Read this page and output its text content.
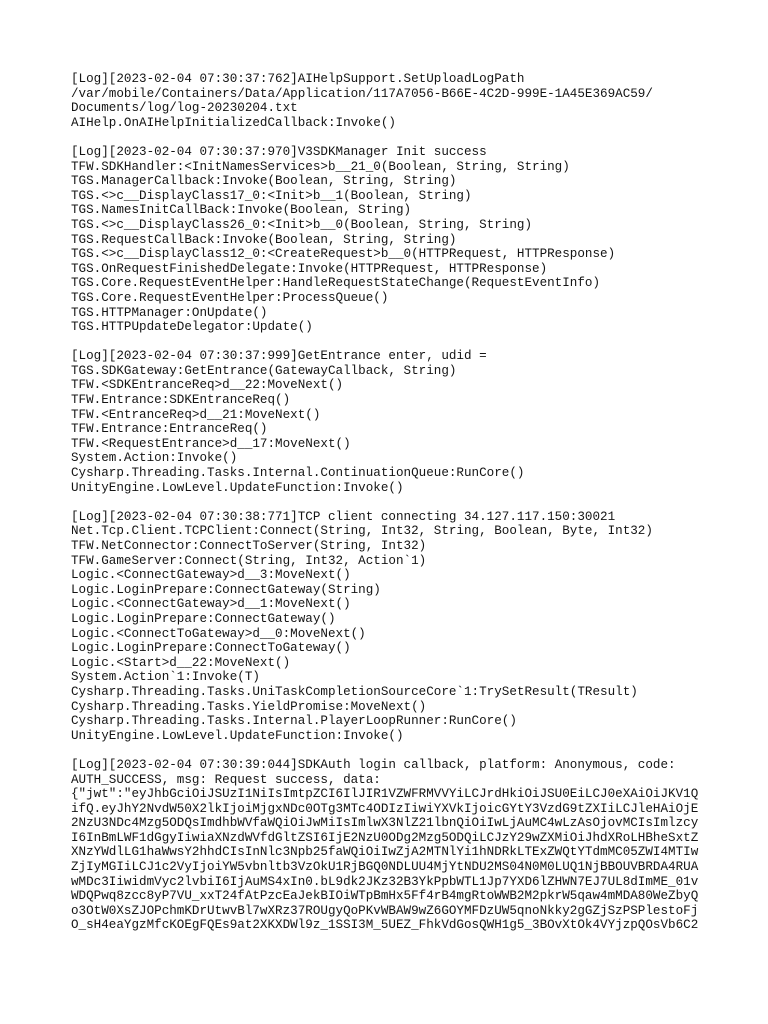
[Log][2023-02-04 07:30:37:762]AIHelpSupport.SetUploadLogPath
/var/mobile/Containers/Data/Application/117A7056-B66E-4C2D-999E-1A45E369AC59/
Documents/log/log-20230204.txt
AIHelp.OnAIHelpInitializedCallback:Invoke()
[Log][2023-02-04 07:30:37:970]V3SDKManager Init success
TFW.SDKHandler:<InitNamesServices>b__21_0(Boolean, String, String)
TGS.ManagerCallback:Invoke(Boolean, String, String)
TGS.<>c__DisplayClass17_0:<Init>b__1(Boolean, String)
TGS.NamesInitCallBack:Invoke(Boolean, String)
TGS.<>c__DisplayClass26_0:<Init>b__0(Boolean, String, String)
TGS.RequestCallBack:Invoke(Boolean, String, String)
TGS.<>c__DisplayClass12_0:<CreateRequest>b__0(HTTPRequest, HTTPResponse)
TGS.OnRequestFinishedDelegate:Invoke(HTTPRequest, HTTPResponse)
TGS.Core.RequestEventHelper:HandleRequestStateChange(RequestEventInfo)
TGS.Core.RequestEventHelper:ProcessQueue()
TGS.HTTPManager:OnUpdate()
TGS.HTTPUpdateDelegator:Update()
[Log][2023-02-04 07:30:37:999]GetEntrance enter, udid =
TGS.SDKGateway:GetEntrance(GatewayCallback, String)
TFW.<SDKEntranceReq>d__22:MoveNext()
TFW.Entrance:SDKEntranceReq()
TFW.<EntranceReq>d__21:MoveNext()
TFW.Entrance:EntranceReq()
TFW.<RequestEntrance>d__17:MoveNext()
System.Action:Invoke()
Cysharp.Threading.Tasks.Internal.ContinuationQueue:RunCore()
UnityEngine.LowLevel.UpdateFunction:Invoke()
[Log][2023-02-04 07:30:38:771]TCP client connecting 34.127.117.150:30021
Net.Tcp.Client.TCPClient:Connect(String, Int32, String, Boolean, Byte, Int32)
TFW.NetConnector:ConnectToServer(String, Int32)
TFW.GameServer:Connect(String, Int32, Action`1)
Logic.<ConnectGateway>d__3:MoveNext()
Logic.LoginPrepare:ConnectGateway(String)
Logic.<ConnectGateway>d__1:MoveNext()
Logic.LoginPrepare:ConnectGateway()
Logic.<ConnectToGateway>d__0:MoveNext()
Logic.LoginPrepare:ConnectToGateway()
Logic.<Start>d__22:MoveNext()
System.Action`1:Invoke(T)
Cysharp.Threading.Tasks.UniTaskCompletionSourceCore`1:TrySetResult(TResult)
Cysharp.Threading.Tasks.YieldPromise:MoveNext()
Cysharp.Threading.Tasks.Internal.PlayerLoopRunner:RunCore()
UnityEngine.LowLevel.UpdateFunction:Invoke()
[Log][2023-02-04 07:30:39:044]SDKAuth login callback, platform: Anonymous, code:
AUTH_SUCCESS, msg: Request success, data:
{"jwt":"eyJhbGciOiJSUzI1NiIsImtpZCI6IlJIR1VZWFRMVVYiLCJrdHkiOiJSU0EiLCJ0eXAiOiJKV1Q
ifQ.eyJhY2NvdW50X2lkIjoiMjgxNDc0OTg3MTc4ODIzIiwiYXVkIjoicGYtY3VzdG9tZXIiLCJleHAiOjE
2NzU3NDc4Mzg5ODQsImdhbWVfaWQiOiJwMiIsImlwX3NlZ21lbnQiOiIwLjAuMC4wLzAsOjovMCIsImlzcy
I6InBmLWF1dGgyIiwiaXNzdWVfdGltZSI6IjE2NzU0ODg2Mzg5ODQiLCJzY29wZXMiOiJhdXRoLHBheSxtZ
XNzYWdlLG1haWwsY2hhdCIsInNlc3Npb25faWQiOiIwZjA2MTNlYi1hNDRkLTExZWQtYTdmMC05ZWI4MTIw
ZjIyMGIiLCJ1c2VyIjoiYW5vbnltb3VzOkU1RjBGQ0NDLUU4MjYtNDU2MS04N0M0LUQ1NjBBOUVBRDA4RUA
wMDc3IiwidmVyc2lvbiI6IjAuMS4xIn0.bL9dk2JKz32B3YkPpbWTL1Jp7YXD6lZHWN7EJ7UL8dImME_01v
WDQPwq8zcc8yP7VU_xxT24fAtPzcEaJekBIOiWTpBmHx5Ff4rB4mgRtoWWB2M2pkrW5qaw4mMDA80WeZbyQ
o3OtW0XsZJOPchmKDrUtwvBl7wXRz37ROUgyQoPKvWBAW9wZ6GOYMFDzUW5qnoNkky2gGZjSzPSPlestoFj
O_sH4eaYgzMfcKOEgFQEs9at2XKXDWl9z_1SSI3M_5UEZ_FhkVdGosQWH1g5_3BOvXtOk4VYjzpQOsVb6C2
